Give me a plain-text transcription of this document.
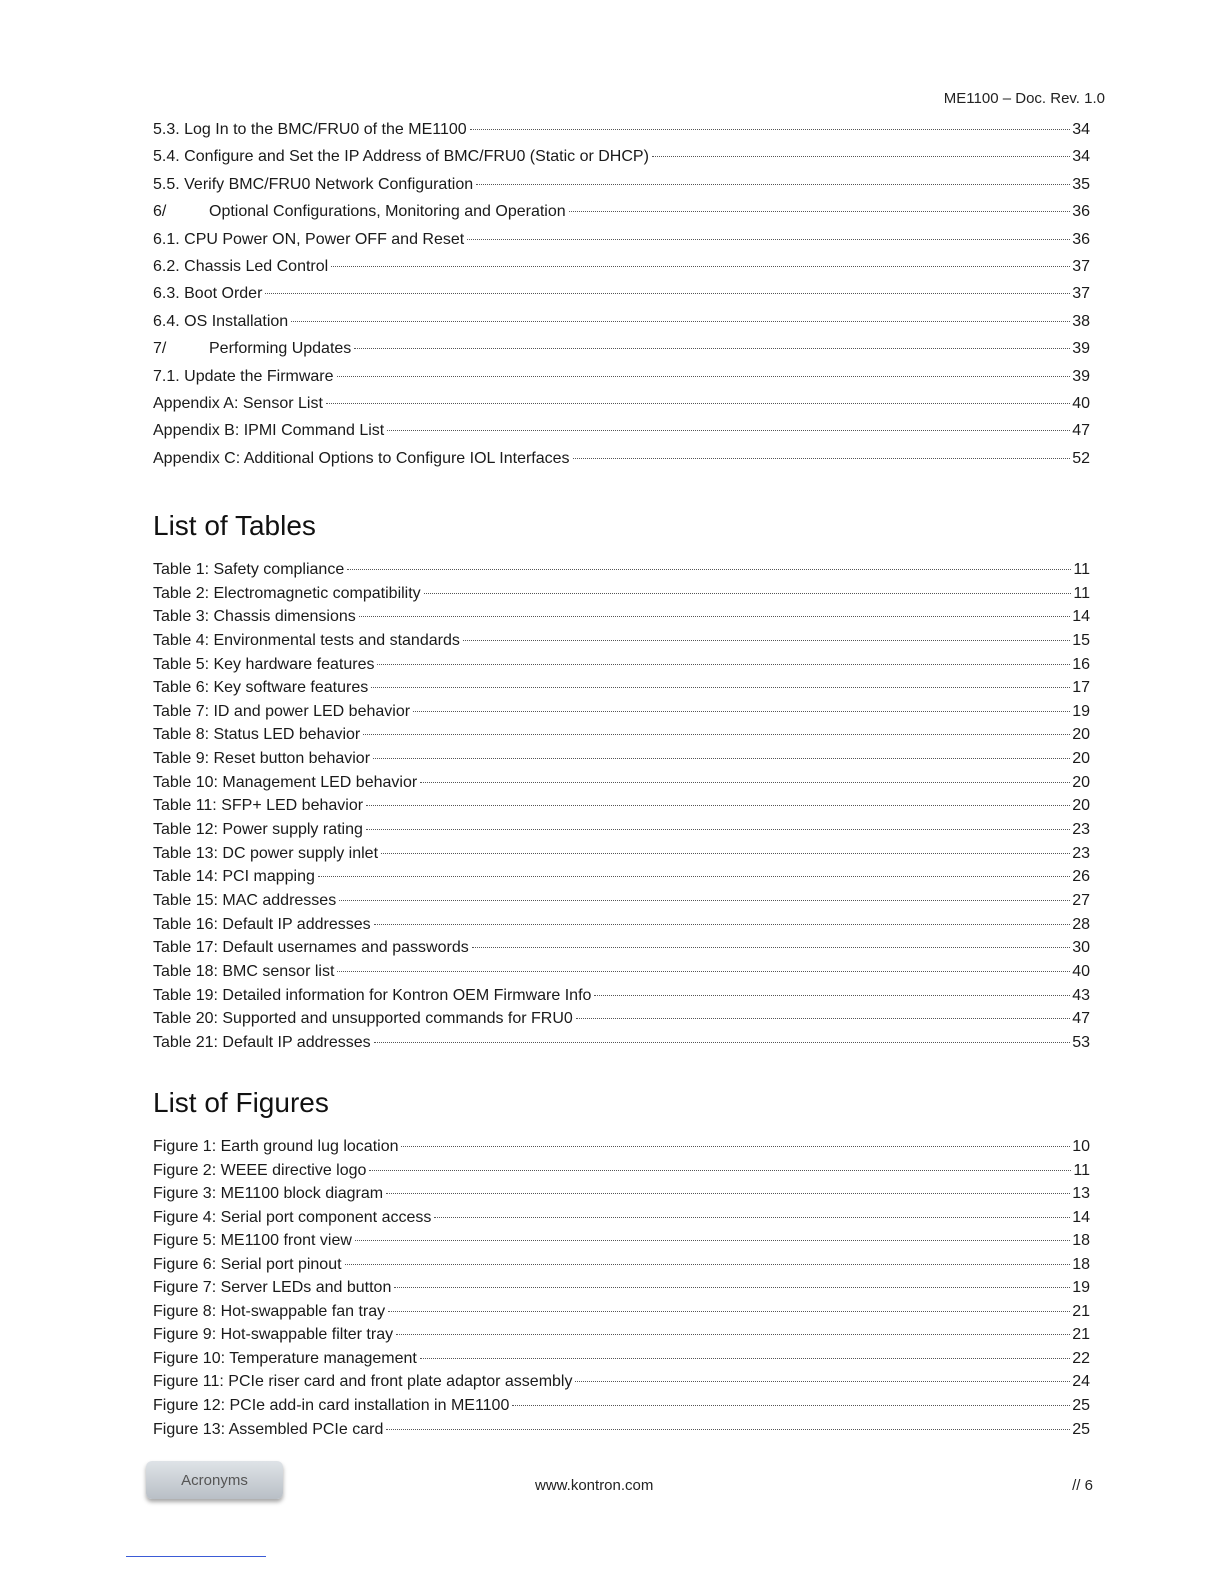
ME1100 – Doc. Rev. 1.0
5.3. Log In to the BMC/FRU0 of the ME1100	34
5.4. Configure and Set the IP Address of BMC/FRU0 (Static or DHCP)	34
5.5. Verify BMC/FRU0 Network Configuration	35
6/	Optional Configurations, Monitoring and Operation	36
6.1. CPU Power ON, Power OFF and Reset	36
6.2. Chassis Led Control	37
6.3. Boot Order	37
6.4. OS Installation	38
7/	Performing Updates	39
7.1. Update the Firmware	39
Appendix A: Sensor List	40
Appendix B: IPMI Command List	47
Appendix C: Additional Options to Configure IOL Interfaces	52
List of Tables
Table 1: Safety compliance	11
Table 2: Electromagnetic compatibility	11
Table 3: Chassis dimensions	14
Table 4: Environmental tests and standards	15
Table 5: Key hardware features	16
Table 6: Key software features	17
Table 7: ID and power LED behavior	19
Table 8: Status LED behavior	20
Table 9: Reset button behavior	20
Table 10: Management LED behavior	20
Table 11: SFP+ LED behavior	20
Table 12: Power supply rating	23
Table 13: DC power supply inlet	23
Table 14: PCI mapping	26
Table 15: MAC addresses	27
Table 16: Default IP addresses	28
Table 17: Default usernames and passwords	30
Table 18: BMC sensor list	40
Table 19: Detailed information for Kontron OEM Firmware Info	43
Table 20: Supported and unsupported commands for FRU0	47
Table 21: Default IP addresses	53
List of Figures
Figure 1: Earth ground lug location	10
Figure 2: WEEE directive logo	11
Figure 3: ME1100 block diagram	13
Figure 4: Serial port component access	14
Figure 5: ME1100 front view	18
Figure 6: Serial port pinout	18
Figure 7: Server LEDs and button	19
Figure 8: Hot-swappable fan tray	21
Figure 9: Hot-swappable filter tray	21
Figure 10: Temperature management	22
Figure 11: PCIe riser card and front plate adaptor assembly	24
Figure 12: PCIe add-in card installation in ME1100	25
Figure 13: Assembled PCIe card	25
Acronyms	www.kontron.com	// 6
